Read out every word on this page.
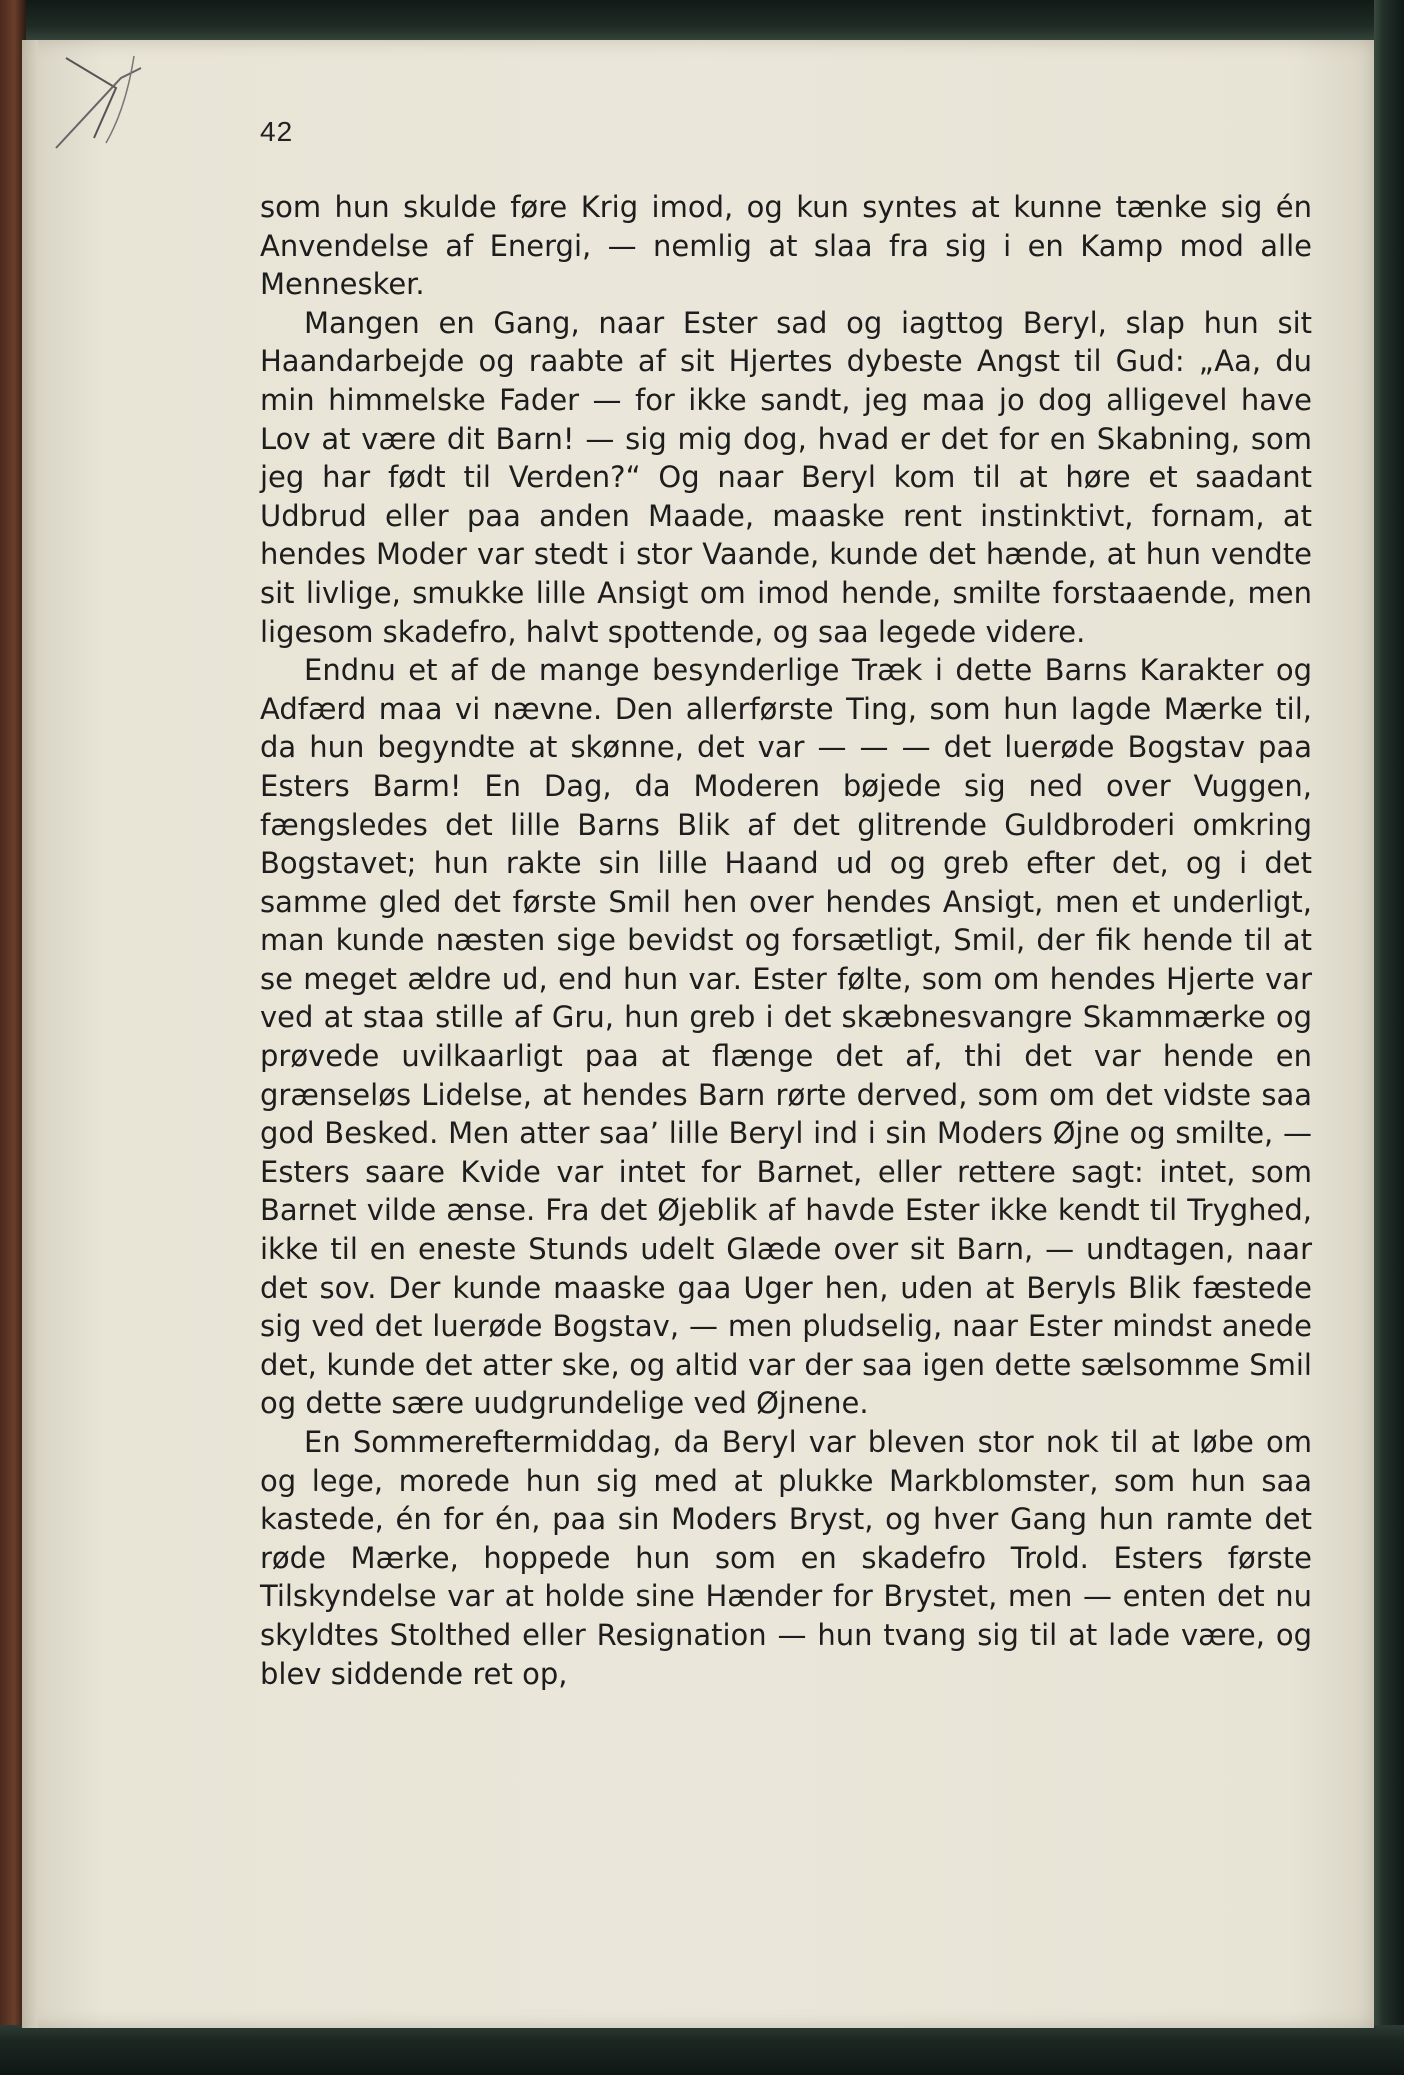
42

som hun skulde føre Krig imod, og kun syntes at kunne tænke sig én Anvendelse af Energi, — nemlig at slaa fra sig i en Kamp mod alle Mennesker.

Mangen en Gang, naar Ester sad og iagttog Beryl, slap hun sit Haandarbejde og raabte af sit Hjertes dybeste Angst til Gud: „Aa, du min himmelske Fader — for ikke sandt, jeg maa jo dog alligevel have Lov at være dit Barn! — sig mig dog, hvad er det for en Skabning, som jeg har født til Verden?“ Og naar Beryl kom til at høre et saadant Udbrud eller paa anden Maade, maaske rent instinktivt, fornam, at hendes Moder var stedt i stor Vaande, kunde det hænde, at hun vendte sit livlige, smukke lille Ansigt om imod hende, smilte forstaaende, men ligesom skadefro, halvt spottende, og saa legede videre.

Endnu et af de mange besynderlige Træk i dette Barns Karakter og Adfærd maa vi nævne. Den allerførste Ting, som hun lagde Mærke til, da hun begyndte at skønne, det var — — — det luerøde Bogstav paa Esters Barm! En Dag, da Moderen bøjede sig ned over Vuggen, fængsledes det lille Barns Blik af det glitrende Guldbroderi omkring Bogstavet; hun rakte sin lille Haand ud og greb efter det, og i det samme gled det første Smil hen over hendes Ansigt, men et underligt, man kunde næsten sige bevidst og forsætligt, Smil, der fik hende til at se meget ældre ud, end hun var. Ester følte, som om hendes Hjerte var ved at staa stille af Gru, hun greb i det skæbnesvangre Skammærke og prøvede uvilkaarligt paa at flænge det af, thi det var hende en grænseløs Lidelse, at hendes Barn rørte derved, som om det vidste saa god Besked. Men atter saa’ lille Beryl ind i sin Moders Øjne og smilte, — Esters saare Kvide var intet for Barnet, eller rettere sagt: intet, som Barnet vilde ænse. Fra det Øjeblik af havde Ester ikke kendt til Tryghed, ikke til en eneste Stunds udelt Glæde over sit Barn, — undtagen, naar det sov. Der kunde maaske gaa Uger hen, uden at Beryls Blik fæstede sig ved det luerøde Bogstav, — men pludselig, naar Ester mindst anede det, kunde det atter ske, og altid var der saa igen dette sælsomme Smil og dette sære uudgrundelige ved Øjnene.

En Sommereftermiddag, da Beryl var bleven stor nok til at løbe om og lege, morede hun sig med at plukke Markblomster, som hun saa kastede, én for én, paa sin Moders Bryst, og hver Gang hun ramte det røde Mærke, hoppede hun som en skadefro Trold. Esters første Tilskyndelse var at holde sine Hænder for Brystet, men — enten det nu skyldtes Stolthed eller Resignation — hun tvang sig til at lade være, og blev siddende ret op,
